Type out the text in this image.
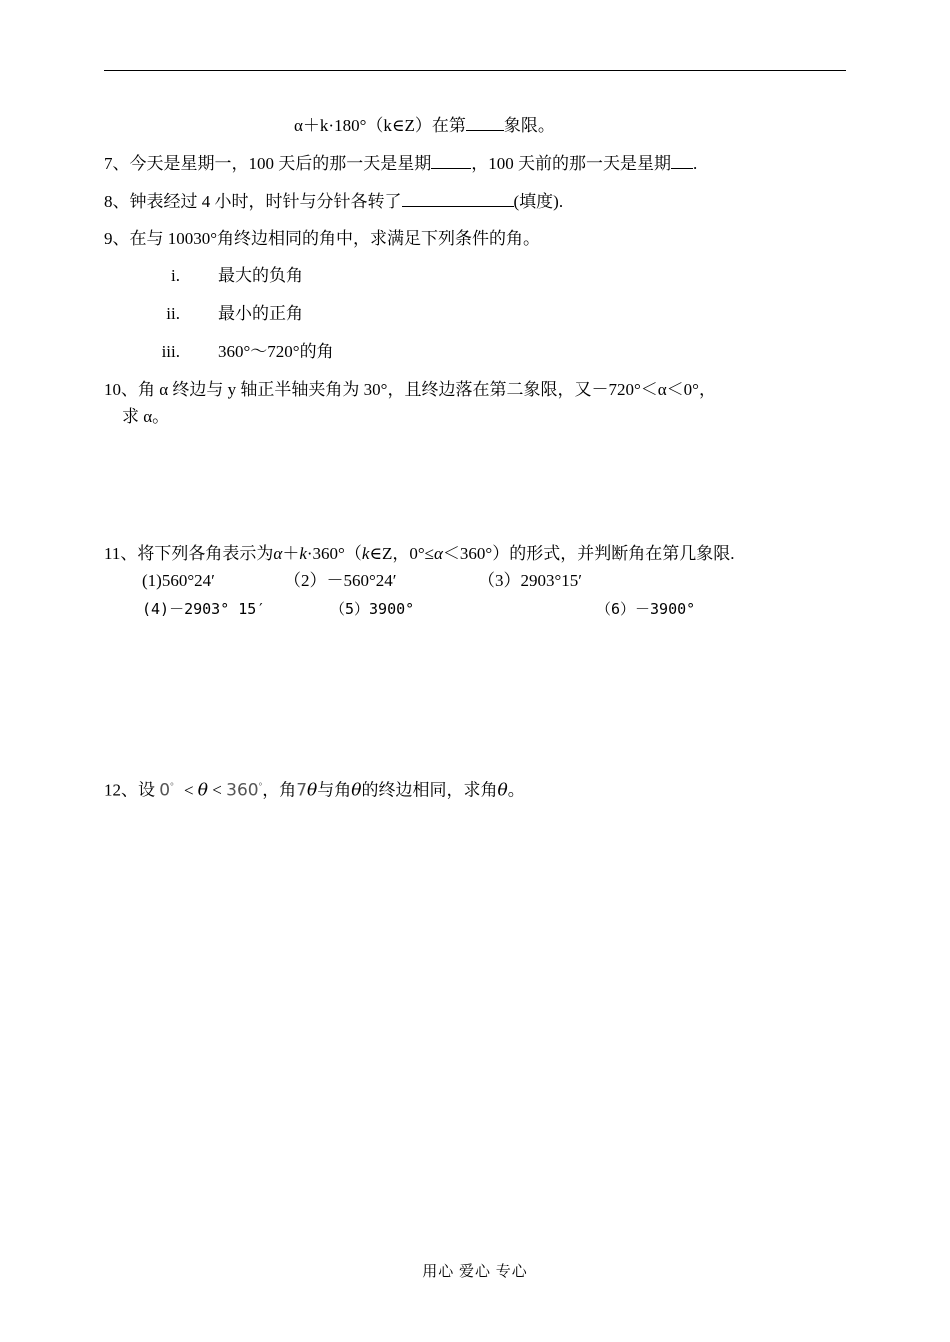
α＋k·180°（k∈Z）在第 象限。
7、今天是星期一，100 天后的那一天是星期 ，100 天前的那一天是星期 .
8、钟表经过 4 小时，时针与分针各转了	(填度).
9、在与 10030°角终边相同的角中，求满足下列条件的角。
i. 最大的负角
ii. 最小的正角
iii. 360°～720°的角
10、角 α 终边与 y 轴正半轴夹角为 30°，且终边落在第二象限，又－720°＜α＜0°，
求 α。
11、将下列各角表示为α＋k·360°（k∈Z，0°≤α＜360°）的形式，并判断角在第几象限.
(1)560°24′	（2）－560°24′	（3）2903°15′
(4)－2903° 15′	（5）3900°	（6）－3900°
12、设 0° < θ < 360°，角7θ与角θ的终边相同，求角θ。
用心 爱心 专心
